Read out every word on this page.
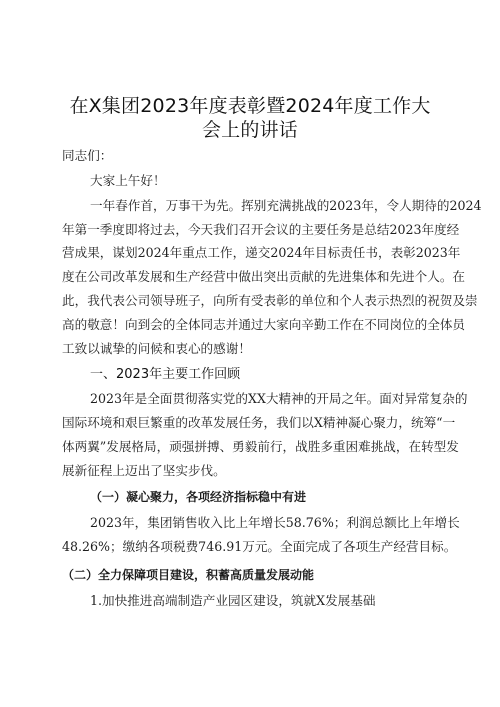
在X集团2023年度表彰暨2024年度工作大
会上的讲话
同志们：
大家上午好！
一年春作首，万事干为先。挥别充满挑战的2023年，令人期待的2024
年第一季度即将过去，今天我们召开会议的主要任务是总结2023年度经
营成果，谋划2024年重点工作，递交2024年目标责任书，表彰2023年
度在公司改革发展和生产经营中做出突出贡献的先进集体和先进个人。在
此，我代表公司领导班子，向所有受表彰的单位和个人表示热烈的祝贺及崇
高的敬意！向到会的全体同志并通过大家向辛勤工作在不同岗位的全体员
工致以诚挚的问候和衷心的感谢！
一、2023年主要工作回顾
2023年是全面贯彻落实党的XX大精神的开局之年。面对异常复杂的
国际环境和艰巨繁重的改革发展任务，我们以X精神凝心聚力，统筹“一
体两翼”发展格局，顽强拼搏、勇毅前行，战胜多重困难挑战，在转型发
展新征程上迈出了坚实步伐。
（一）凝心聚力，各项经济指标稳中有进
2023年，集团销售收入比上年增长58.76%；利润总额比上年增长
48.26%；缴纳各项税费746.91万元。全面完成了各项生产经营目标。
（二）全力保障项目建设，积蓄高质量发展动能
1.加快推进高端制造产业园区建设，筑就X发展基础
